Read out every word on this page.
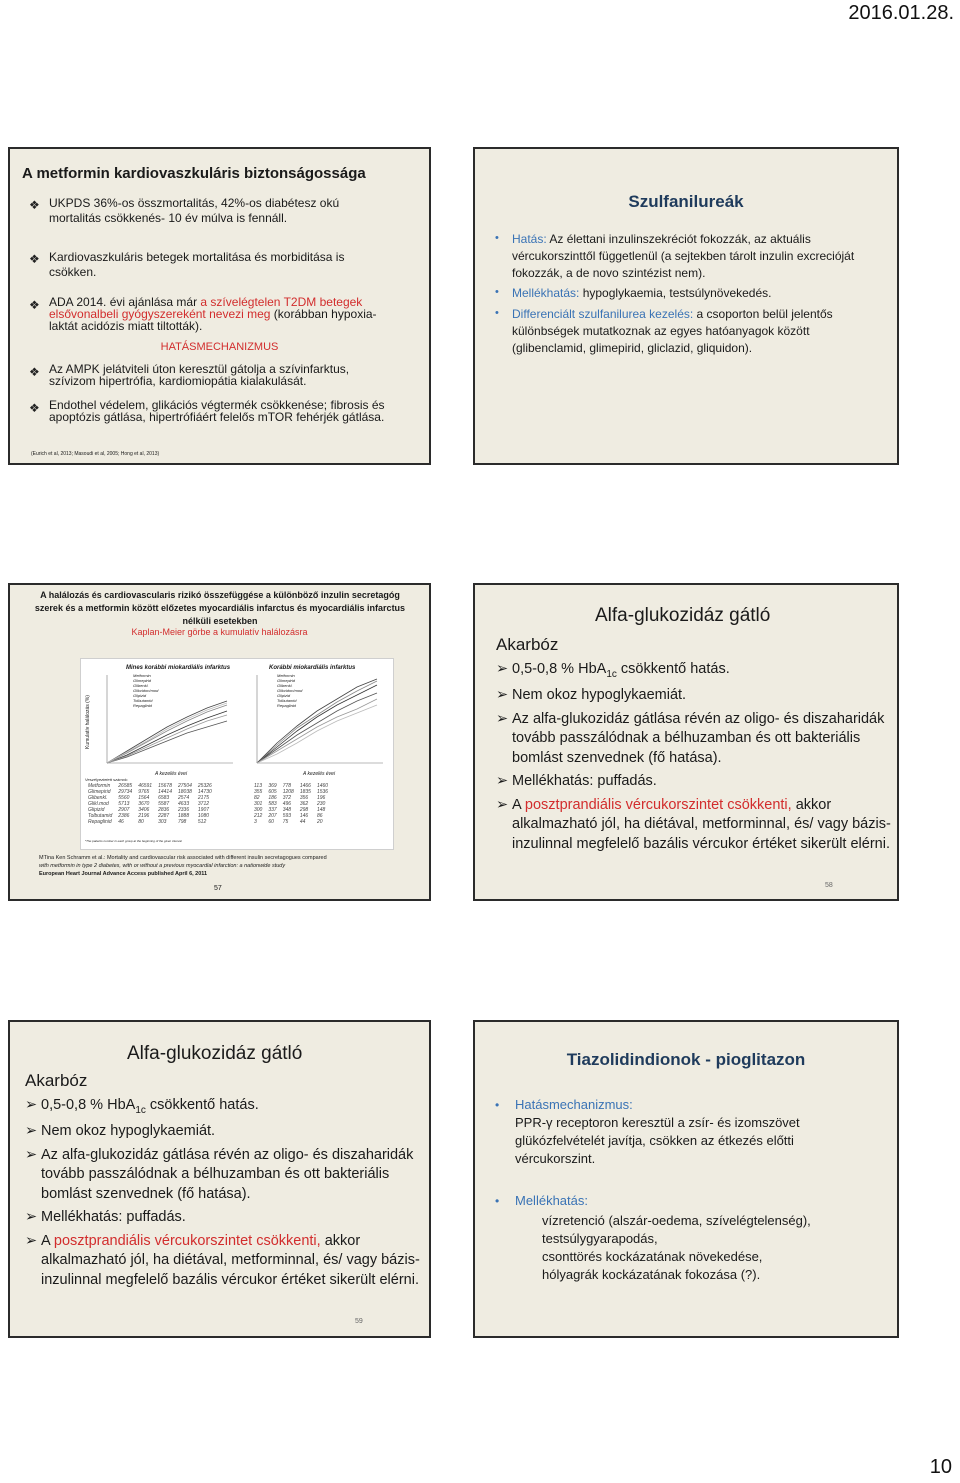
2016.01.28.
A metformin kardiovaszkuláris biztonságossága
❖ UKPDS 36%-os összmortalitás, 42%-os diabétesz okú mortalitás csökkenés- 10 év múlva is fennáll.
❖ Kardiovaszkuláris betegek mortalitása és morbiditása is csökken.
❖ ADA 2014. évi ajánlása már a szívelégtelen T2DM betegek elsővonalbeli gyógyszereként nevezi meg (korábban hypoxia-laktát acidózis miatt tiltották).
HATÁSMECHANIZMUS
❖ Az AMPK jelátviteli úton keresztül gátolja a szívinfarktus, szívizom hipertrófia, kardiomiopátia kialakulását.
❖ Endothel védelem, glikációs végtermék csökkenése; fibrosis és apoptózis gátlása, hipertrófiáért felelős mTOR fehérjék gátlása.
(Eurich et al, 2013; Masoudi et al, 2005; Hong et al, 2013)
Szulfanilureák
• Hatás: Az élettani inzulinszekréciót fokozzák, az aktuális vércukorszinttől függetlenül (a sejtekben tárolt inzulin excrecióját fokozzák, a de novo szintézist nem).
• Mellékhatás: hypoglykaemia, testsúlynövekedés.
• Differenciált szulfanilurea kezelés: a csoporton belül jelentős különbségek mutatkoznak az egyes hatóanyagok között (glibenclamid, glimepirid, gliclazid, gliquidon).
A halálozás és cardiovascularis rizikó összefüggése a különböző inzulin secretagóg szerek és a metformin között előzetes myocardiális infarctus és myocardiális infarctus nélküli esetekben
Kaplan-Meier görbe a kumulatív halálozásra
Mines korábbi miokardiális infarktus	Korábbi miokardiális infarktus
Kumulatív halálozás (%)
Metformin
Glimepirid
Glibenkl.
Glikvidon/mod
Glipizid
Tolbutamid
Repaglinid
Metformin
Glimepirid
Glibenkl.
Glikvidon/mod
Glipizid
Tolbutamid
Repaglinid
A kezelés évei	A kezelés évei
Veszélyeztetett számok:
Metformin	26585	46591	15678	27504	25326
Glimepirid	29734	9765	14414	18038	14730
Glibenkl.	5560	1564	6583	2574	2175
Glikl.mod	5713	3670	5587	4633	3712
Glipizid	2907	3406	2836	2336	1907
Tolbutamid	2386	2196	2287	1888	1080
Repaglinid	46	80	303	798	512
113	369	778	1466	1460
355	605	1208	1835	1536
82	186	372	356	196
301	583	496	362	230
300	337	348	298	148
212	207	593	146	86
3	60	75	44	20
*The patients number in each group at the beginning of the given interval
MTina Ken Schramm et al.: Mortality and cardiovascular risk associated with different insulin secretagogues compared
with metformin in type 2 diabetes, with or without a previous myocardial infarction: a nationwide study
European Heart Journal Advance Access published April 6, 2011
57
Alfa-glukozidáz gátló
Akarbóz
➢ 0,5-0,8 % HbA$_{1c}$ csökkentő hatás.
➢ Nem okoz hypoglykaemiát.
➢ Az alfa-glukozidáz gátlása révén az oligo- és diszaharidák tovább passzálódnak a bélhuzamban és ott bakteriális bomlást szenvednek (fő hatása).
➢ Mellékhatás: puffadás.
➢ A posztprandiális vércukorszintet csökkenti, akkor alkalmazható jól, ha diétával, metforminnal, és/ vagy bázis-inzulinnal megfelelő bazális vércukor értéket sikerült elérni.
58
Alfa-glukozidáz gátló
Akarbóz
➢ 0,5-0,8 % HbA$_{1c}$ csökkentő hatás.
➢ Nem okoz hypoglykaemiát.
➢ Az alfa-glukozidáz gátlása révén az oligo- és diszaharidák tovább passzálódnak a bélhuzamban és ott bakteriális bomlást szenvednek (fő hatása).
➢ Mellékhatás: puffadás.
➢ A posztprandiális vércukorszintet csökkenti, akkor alkalmazható jól, ha diétával, metforminnal, és/ vagy bázis-inzulinnal megfelelő bazális vércukor értéket sikerült elérni.
59
Tiazolidindionok - pioglitazon
• Hatásmechanizmus:
PPR-γ receptoron keresztül a zsír- és izomszövet glükózfelvételét javítja, csökken az étkezés előtti vércukorszint.
• Mellékhatás:
vízretenció (alszár-oedema, szívelégtelenség),
testsúlygyarapodás,
csonttörés kockázatának növekedése,
hólyagrák kockázatának fokozása (?).
10
